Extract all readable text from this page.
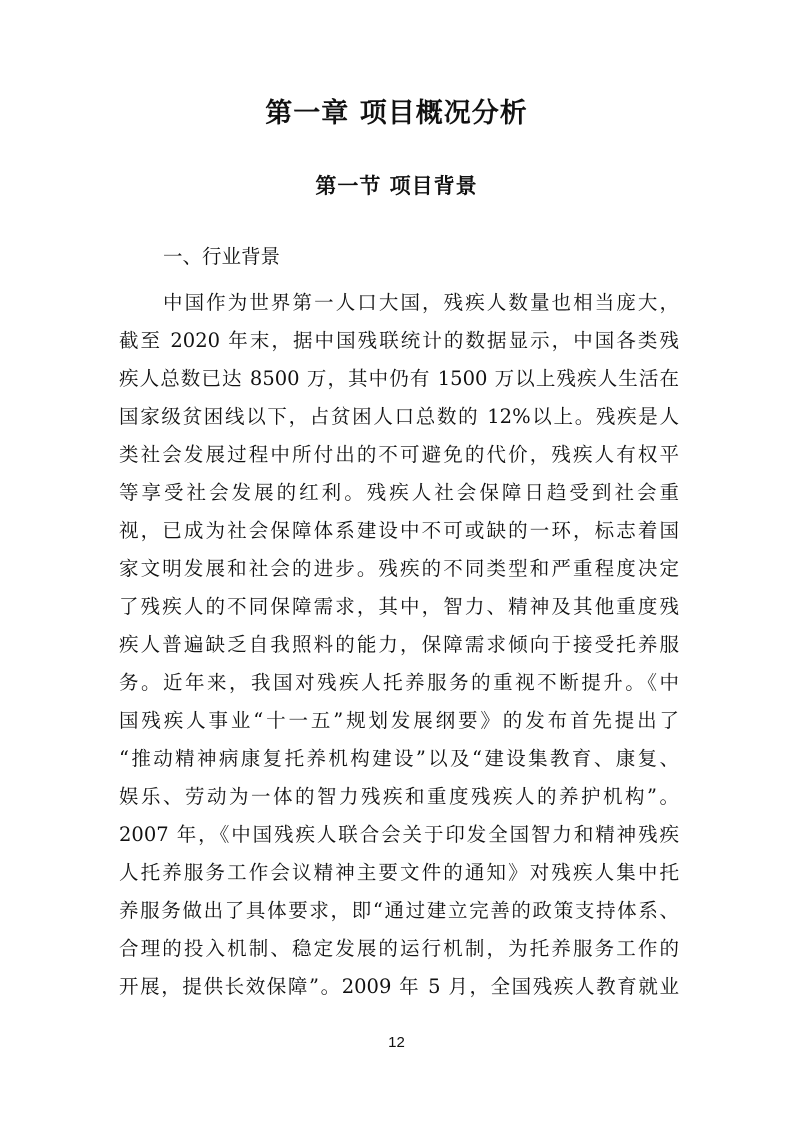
第一章 项目概况分析
第一节 项目背景

一、行业背景

中国作为世界第一人口大国，残疾人数量也相当庞大，
截至 2020 年末，据中国残联统计的数据显示，中国各类残
疾人总数已达 8500 万，其中仍有 1500 万以上残疾人生活在
国家级贫困线以下，占贫困人口总数的 12%以上。残疾是人
类社会发展过程中所付出的不可避免的代价，残疾人有权平
等享受社会发展的红利。残疾人社会保障日趋受到社会重
视，已成为社会保障体系建设中不可或缺的一环，标志着国
家文明发展和社会的进步。残疾的不同类型和严重程度决定
了残疾人的不同保障需求，其中，智力、精神及其他重度残
疾人普遍缺乏自我照料的能力，保障需求倾向于接受托养服
务。近年来，我国对残疾人托养服务的重视不断提升。《中
国残疾人事业“十一五”规划发展纲要》的发布首先提出了
“推动精神病康复托养机构建设”以及“建设集教育、康复、
娱乐、劳动为一体的智力残疾和重度残疾人的养护机构”。
2007 年，《中国残疾人联合会关于印发全国智力和精神残疾
人托养服务工作会议精神主要文件的通知》对残疾人集中托
养服务做出了具体要求，即“通过建立完善的政策支持体系、
合理的投入机制、稳定发展的运行机制，为托养服务工作的
开展，提供长效保障”。2009 年 5 月，全国残疾人教育就业
12
